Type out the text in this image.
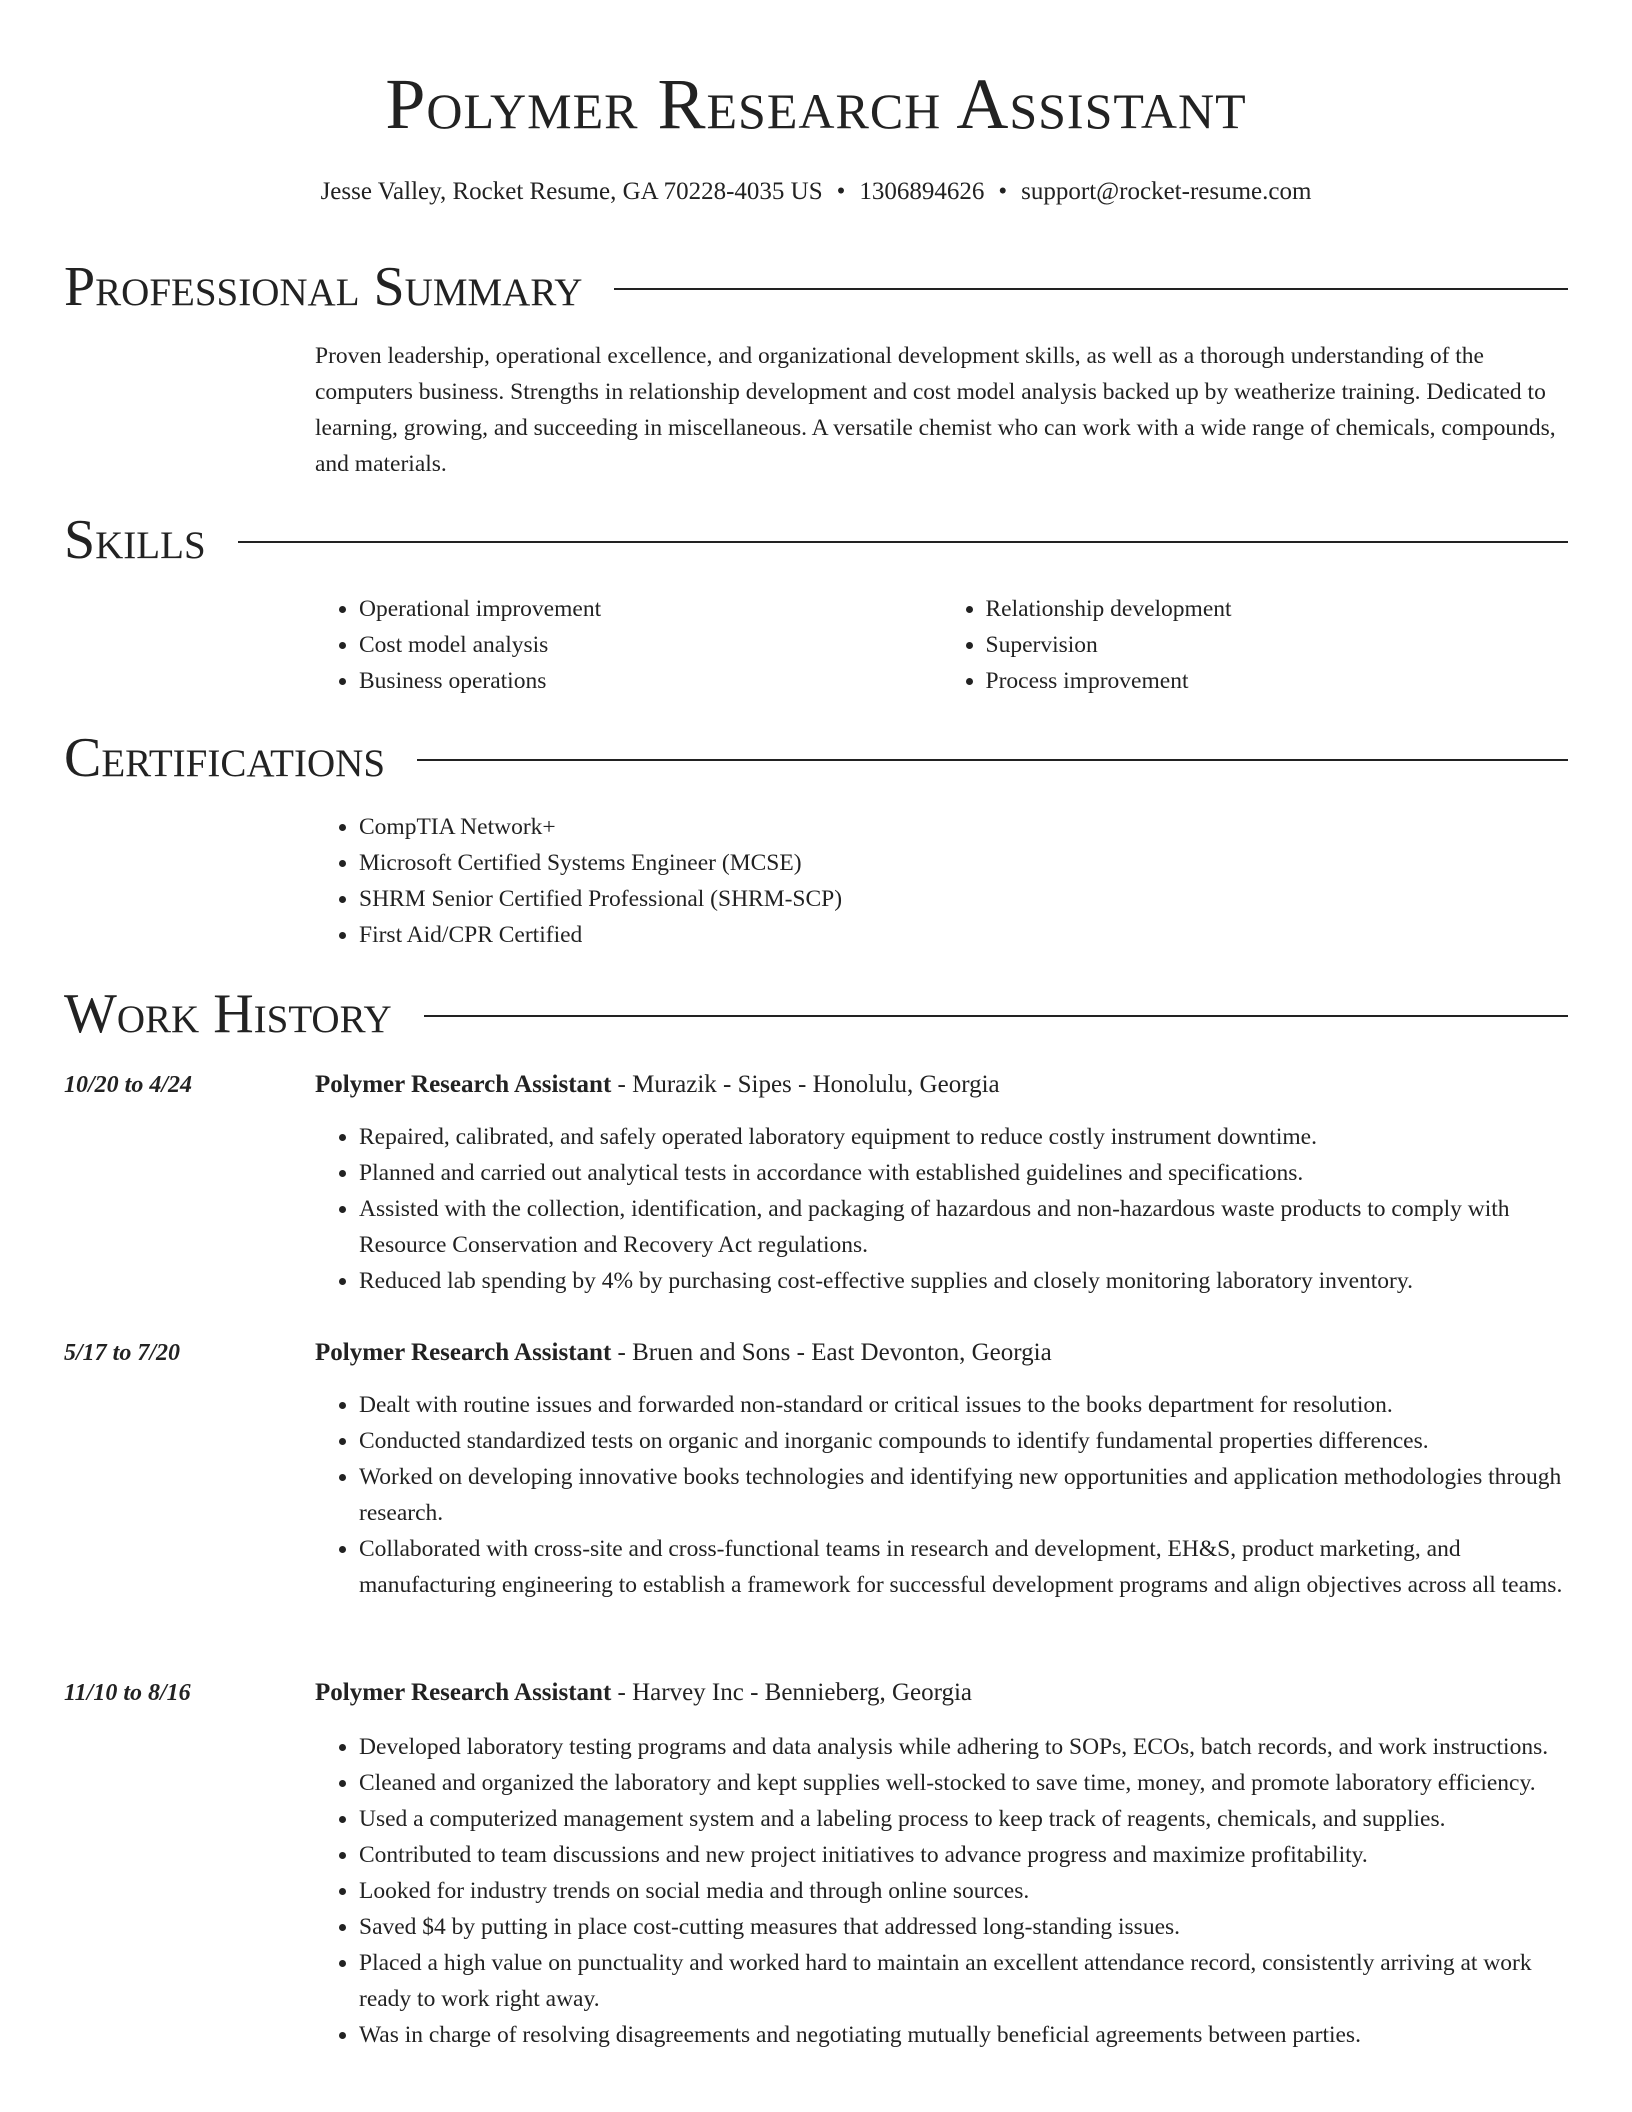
Polymer Research Assistant
Jesse Valley, Rocket Resume, GA 70228-4035 US • 1306894626 • support@rocket-resume.com
Professional Summary
Proven leadership, operational excellence, and organizational development skills, as well as a thorough understanding of the computers business. Strengths in relationship development and cost model analysis backed up by weatherize training. Dedicated to learning, growing, and succeeding in miscellaneous. A versatile chemist who can work with a wide range of chemicals, compounds, and materials.
Skills
• Operational improvement
• Cost model analysis
• Business operations
• Relationship development
• Supervision
• Process improvement
Certifications
• CompTIA Network+
• Microsoft Certified Systems Engineer (MCSE)
• SHRM Senior Certified Professional (SHRM-SCP)
• First Aid/CPR Certified
Work History
10/20 to 4/24	Polymer Research Assistant - Murazik - Sipes - Honolulu, Georgia
• Repaired, calibrated, and safely operated laboratory equipment to reduce costly instrument downtime.
• Planned and carried out analytical tests in accordance with established guidelines and specifications.
• Assisted with the collection, identification, and packaging of hazardous and non-hazardous waste products to comply with Resource Conservation and Recovery Act regulations.
• Reduced lab spending by 4% by purchasing cost-effective supplies and closely monitoring laboratory inventory.
5/17 to 7/20	Polymer Research Assistant - Bruen and Sons - East Devonton, Georgia
• Dealt with routine issues and forwarded non-standard or critical issues to the books department for resolution.
• Conducted standardized tests on organic and inorganic compounds to identify fundamental properties differences.
• Worked on developing innovative books technologies and identifying new opportunities and application methodologies through research.
• Collaborated with cross-site and cross-functional teams in research and development, EH&S, product marketing, and manufacturing engineering to establish a framework for successful development programs and align objectives across all teams.
11/10 to 8/16	Polymer Research Assistant - Harvey Inc - Bennieberg, Georgia
• Developed laboratory testing programs and data analysis while adhering to SOPs, ECOs, batch records, and work instructions.
• Cleaned and organized the laboratory and kept supplies well-stocked to save time, money, and promote laboratory efficiency.
• Used a computerized management system and a labeling process to keep track of reagents, chemicals, and supplies.
• Contributed to team discussions and new project initiatives to advance progress and maximize profitability.
• Looked for industry trends on social media and through online sources.
• Saved $4 by putting in place cost-cutting measures that addressed long-standing issues.
• Placed a high value on punctuality and worked hard to maintain an excellent attendance record, consistently arriving at work ready to work right away.
• Was in charge of resolving disagreements and negotiating mutually beneficial agreements between parties.
